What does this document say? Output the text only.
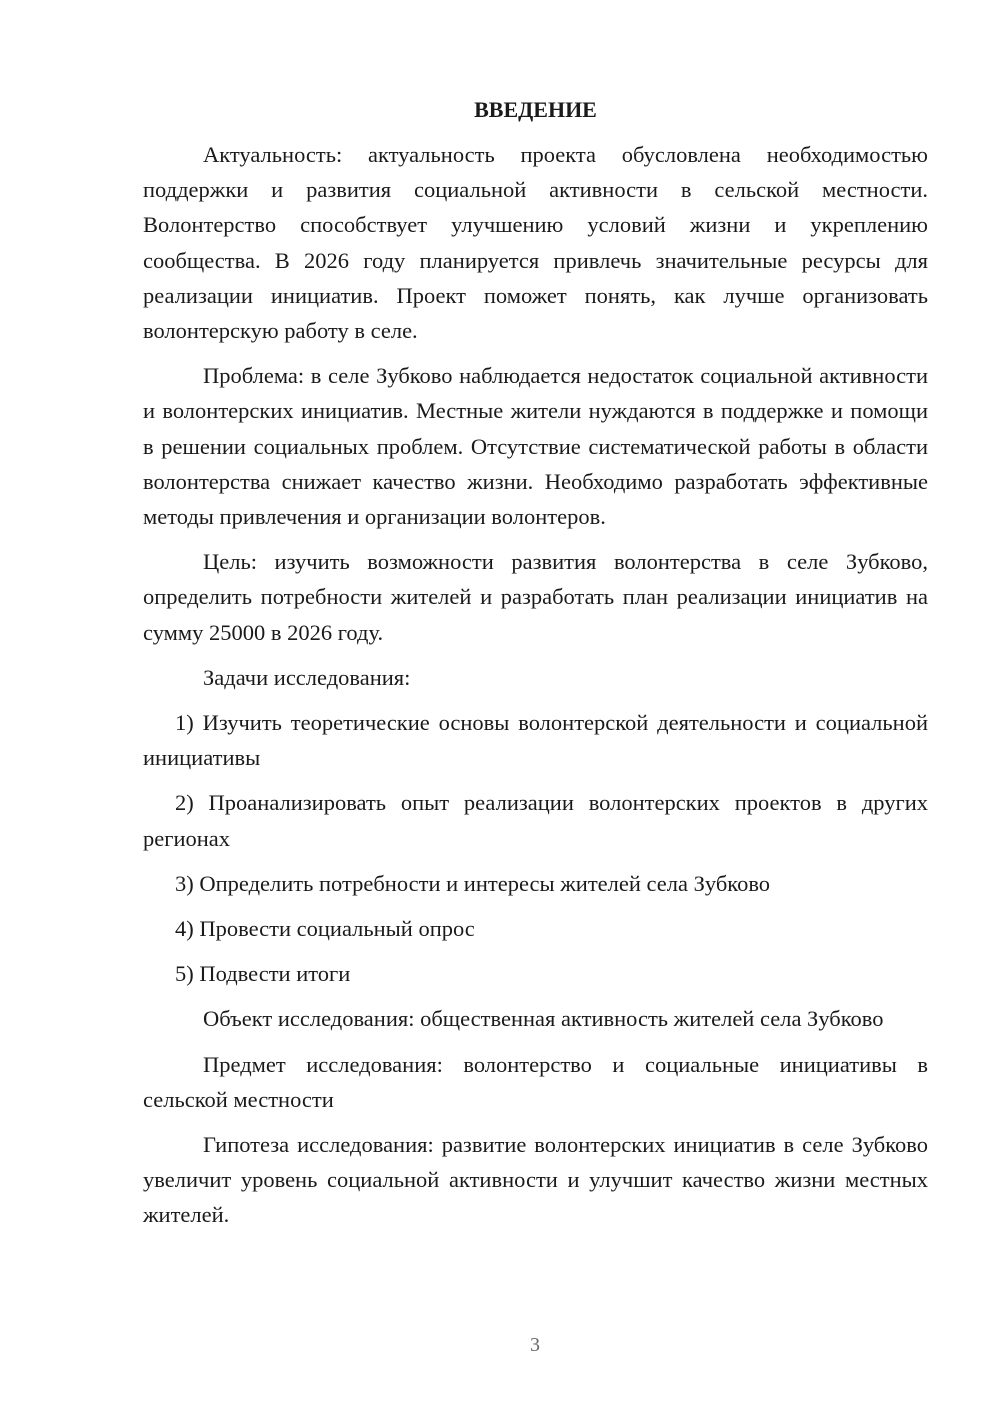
ВВЕДЕНИЕ

Актуальность: актуальность проекта обусловлена необходимостью поддержки и развития социальной активности в сельской местности. Волонтерство способствует улучшению условий жизни и укреплению сообщества. В 2026 году планируется привлечь значительные ресурсы для реализации инициатив. Проект поможет понять, как лучше организовать волонтерскую работу в селе.

Проблема: в селе Зубково наблюдается недостаток социальной активности и волонтерских инициатив. Местные жители нуждаются в поддержке и помощи в решении социальных проблем. Отсутствие систематической работы в области волонтерства снижает качество жизни. Необходимо разработать эффективные методы привлечения и организации волонтеров.

Цель: изучить возможности развития волонтерства в селе Зубково, определить потребности жителей и разработать план реализации инициатив на сумму 25000 в 2026 году.

Задачи исследования:

1) Изучить теоретические основы волонтерской деятельности и социальной инициативы

2) Проанализировать опыт реализации волонтерских проектов в других регионах

3) Определить потребности и интересы жителей села Зубково

4) Провести социальный опрос

5) Подвести итоги

Объект исследования: общественная активность жителей села Зубково

Предмет исследования: волонтерство и социальные инициативы в сельской местности

Гипотеза исследования: развитие волонтерских инициатив в селе Зубково увеличит уровень социальной активности и улучшит качество жизни местных жителей.

3
